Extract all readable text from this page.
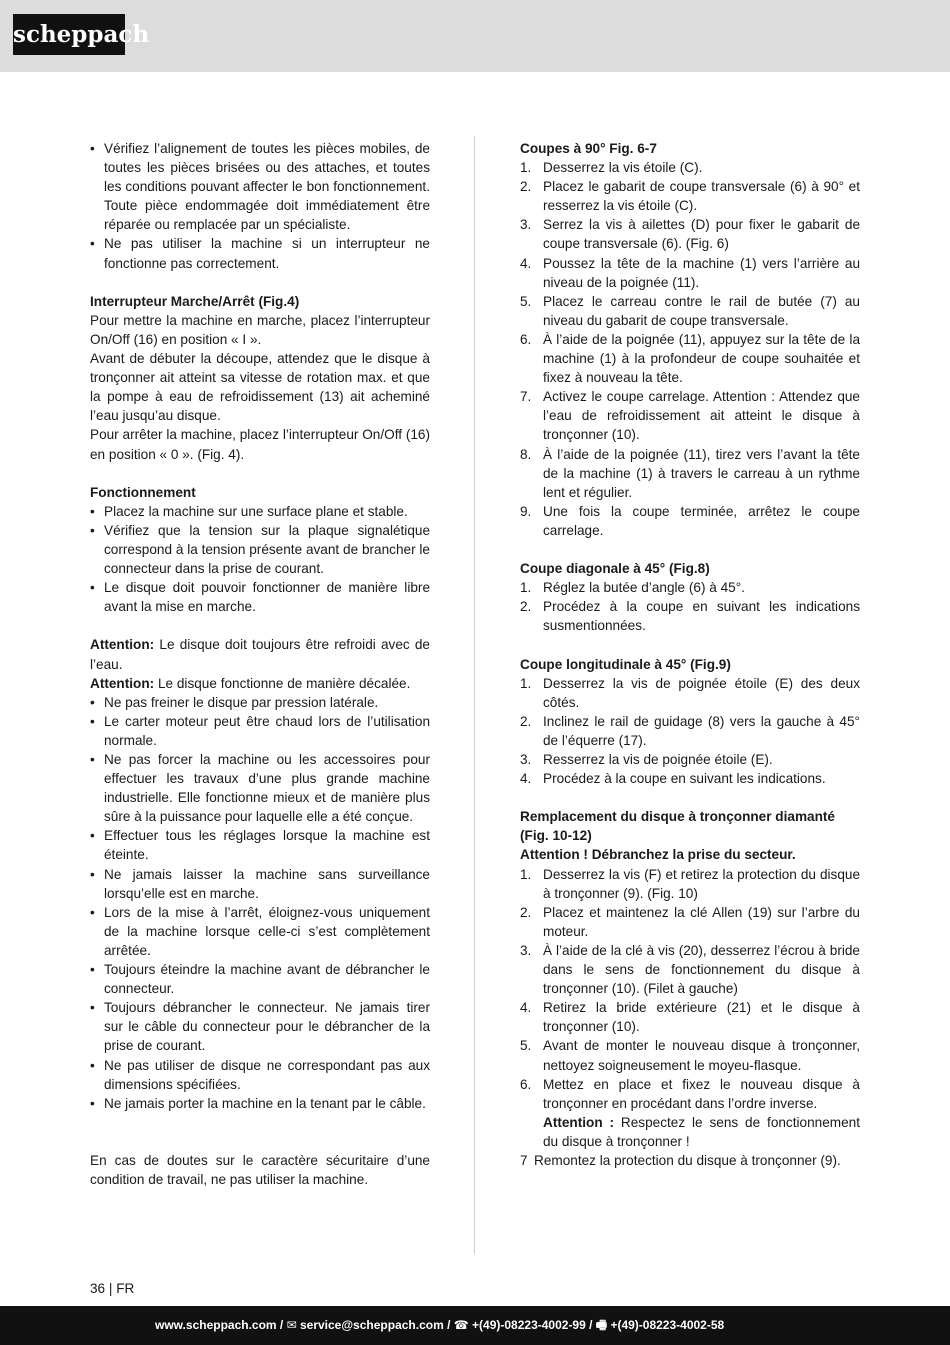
scheppach
• Vérifiez l’alignement de toutes les pièces mobiles, de toutes les pièces brisées ou des attaches, et toutes les conditions pouvant affecter le bon fonctionnement. Toute pièce endommagée doit immédiatement être réparée ou remplacée par un spécialiste.
• Ne pas utiliser la machine si un interrupteur ne fonctionne pas correctement.
Interrupteur Marche/Arrêt (Fig.4)

Pour mettre la machine en marche, placez l’interrupteur On/Off (16) en position « I ».

Avant de débuter la découpe, attendez que le disque à tronçonner ait atteint sa vitesse de rotation max. et que la pompe à eau de refroidissement (13) ait acheminé l’eau jusqu’au disque.

Pour arrêter la machine, placez l’interrupteur On/Off (16) en position « 0 ». (Fig. 4).

Fonctionnement
• Placez la machine sur une surface plane et stable.
• Vérifiez que la tension sur la plaque signalétique correspond à la tension présente avant de brancher le connecteur dans la prise de courant.
• Le disque doit pouvoir fonctionner de manière libre avant la mise en marche.

Attention: Le disque doit toujours être refroidi avec de l’eau.

Attention: Le disque fonctionne de manière décalée.

• Ne pas freiner le disque par pression latérale.
• Le carter moteur peut être chaud lors de l’utilisation normale.
• Ne pas forcer la machine ou les accessoires pour effectuer les travaux d’une plus grande machine industrielle. Elle fonctionne mieux et de manière plus sûre à la puissance pour laquelle elle a été conçue.
• Effectuer tous les réglages lorsque la machine est éteinte.
• Ne jamais laisser la machine sans surveillance lorsqu’elle est en marche.
• Lors de la mise à l’arrêt, éloignez-vous uniquement de la machine lorsque celle-ci s’est complètement arrêtée.
• Toujours éteindre la machine avant de débrancher le connecteur.
• Toujours débrancher le connecteur. Ne jamais tirer sur le câble du connecteur pour le débrancher de la prise de courant.
• Ne pas utiliser de disque ne correspondant pas aux dimensions spécifiées.
• Ne jamais porter la machine en la tenant par le câble.

En cas de doutes sur le caractère sécuritaire d’une condition de travail, ne pas utiliser la machine.

Coupes à 90° Fig. 6-7
1. Desserrez la vis étoile (C).
2. Placez le gabarit de coupe transversale (6) à 90° et resserrez la vis étoile (C).
3. Serrez la vis à ailettes (D) pour fixer le gabarit de coupe transversale (6). (Fig. 6)
4. Poussez la tête de la machine (1) vers l’arrière au niveau de la poignée (11).
5. Placez le carreau contre le rail de butée (7) au niveau du gabarit de coupe transversale.
6. À l’aide de la poignée (11), appuyez sur la tête de la machine (1) à la profondeur de coupe souhaitée et fixez à nouveau la tête.
7. Activez le coupe carrelage. Attention : Attendez que l’eau de refroidissement ait atteint le disque à tronçonner (10).
8. À l’aide de la poignée (11), tirez vers l’avant la tête de la machine (1) à travers le carreau à un rythme lent et régulier.
9. Une fois la coupe terminée, arrêtez le coupe carrelage.
Coupe diagonale à 45° (Fig.8)
1. Réglez la butée d’angle (6) à 45°.
2. Procédez à la coupe en suivant les indications susmentionnées.
Coupe longitudinale à 45° (Fig.9)
1. Desserrez la vis de poignée étoile (E) des deux côtés.
2. Inclinez le rail de guidage (8) vers la gauche à 45° de l’équerre (17).
3. Resserrez la vis de poignée étoile (E).
4. Procédez à la coupe en suivant les indications.
Remplacement du disque à tronçonner diamanté (Fig. 10-12)
Attention ! Débranchez la prise du secteur.
1. Desserrez la vis (F) et retirez la protection du disque à tronçonner (9). (Fig. 10)
2. Placez et maintenez la clé Allen (19) sur l’arbre du moteur.
3. À l’aide de la clé à vis (20), desserrez l’écrou à bride dans le sens de fonctionnement du disque à tronçonner (10). (Filet à gauche)
4. Retirez la bride extérieure (21) et le disque à tronçonner (10).
5. Avant de monter le nouveau disque à tronçonner, nettoyez soigneusement le moyeu-flasque.
6. Mettez en place et fixez le nouveau disque à tronçonner en procédant dans l’ordre inverse.
Attention : Respectez le sens de fonctionnement du disque à tronçonner !
7 Remontez la protection du disque à tronçonner (9).
36 | FR
www.scheppach.com / ✉ service@scheppach.com / ☎ +(49)-08223-4002-99 / 🖷 +(49)-08223-4002-58
